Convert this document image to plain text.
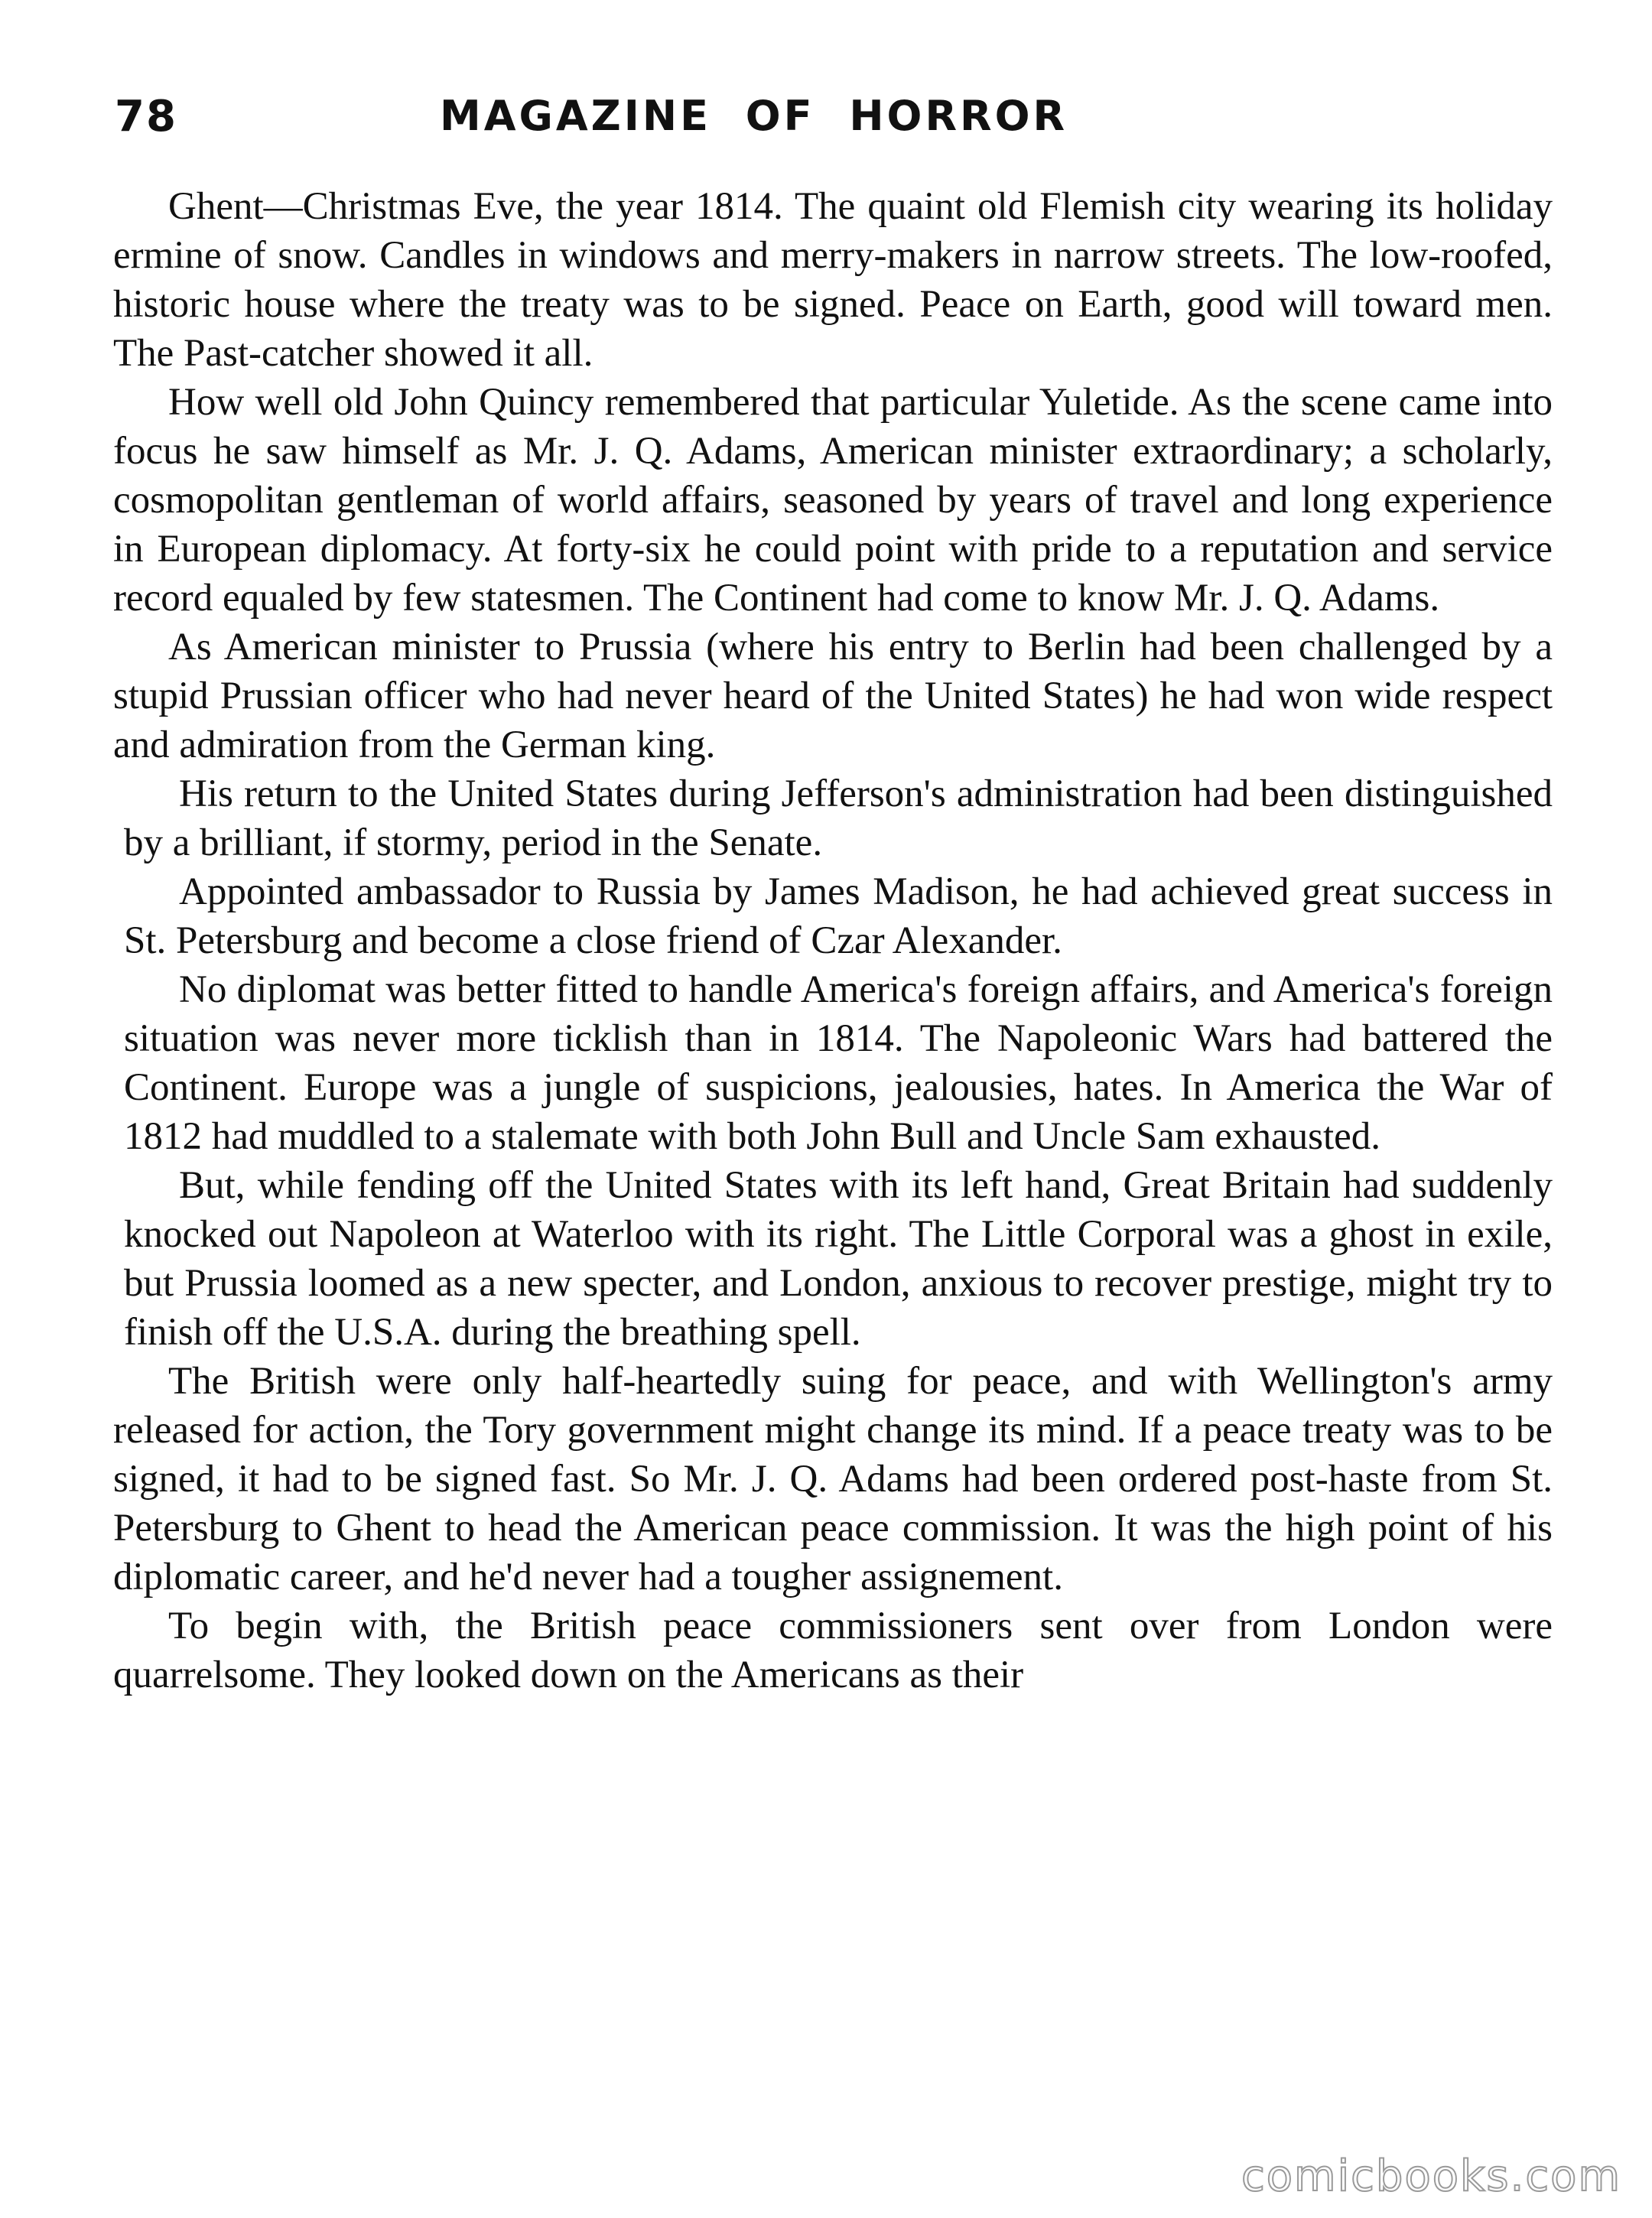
78	MAGAZINE OF HORROR

Ghent—Christmas Eve, the year 1814. The quaint old Flemish city wearing its holiday ermine of snow. Candles in windows and merry-makers in narrow streets. The low-roofed, historic house where the treaty was to be signed. Peace on Earth, good will toward men. The Past-catcher showed it all.

How well old John Quincy remembered that particular Yuletide. As the scene came into focus he saw himself as Mr. J. Q. Adams, American minister extraordinary; a scholarly, cosmopolitan gentleman of world affairs, seasoned by years of travel and long experience in European diplomacy. At forty-six he could point with pride to a reputation and service record equaled by few statesmen. The Continent had come to know Mr. J. Q. Adams.

As American minister to Prussia (where his entry to Berlin had been challenged by a stupid Prussian officer who had never heard of the United States) he had won wide respect and admiration from the German king.

His return to the United States during Jefferson's administration had been distinguished by a brilliant, if stormy, period in the Senate.

Appointed ambassador to Russia by James Madison, he had achieved great success in St. Petersburg and become a close friend of Czar Alexander.

No diplomat was better fitted to handle America's foreign affairs, and America's foreign situation was never more ticklish than in 1814. The Napoleonic Wars had battered the Continent. Europe was a jungle of suspicions, jealousies, hates. In America the War of 1812 had muddled to a stalemate with both John Bull and Uncle Sam exhausted.

But, while fending off the United States with its left hand, Great Britain had suddenly knocked out Napoleon at Waterloo with its right. The Little Corporal was a ghost in exile, but Prussia loomed as a new specter, and London, anxious to recover prestige, might try to finish off the U.S.A. during the breathing spell.

The British were only half-heartedly suing for peace, and with Wellington's army released for action, the Tory government might change its mind. If a peace treaty was to be signed, it had to be signed fast. So Mr. J. Q. Adams had been ordered post-haste from St. Petersburg to Ghent to head the American peace commission. It was the high point of his diplomatic career, and he'd never had a tougher assignement.

To begin with, the British peace commissioners sent over from London were quarrelsome. They looked down on the Americans as their

comicbooks.com
